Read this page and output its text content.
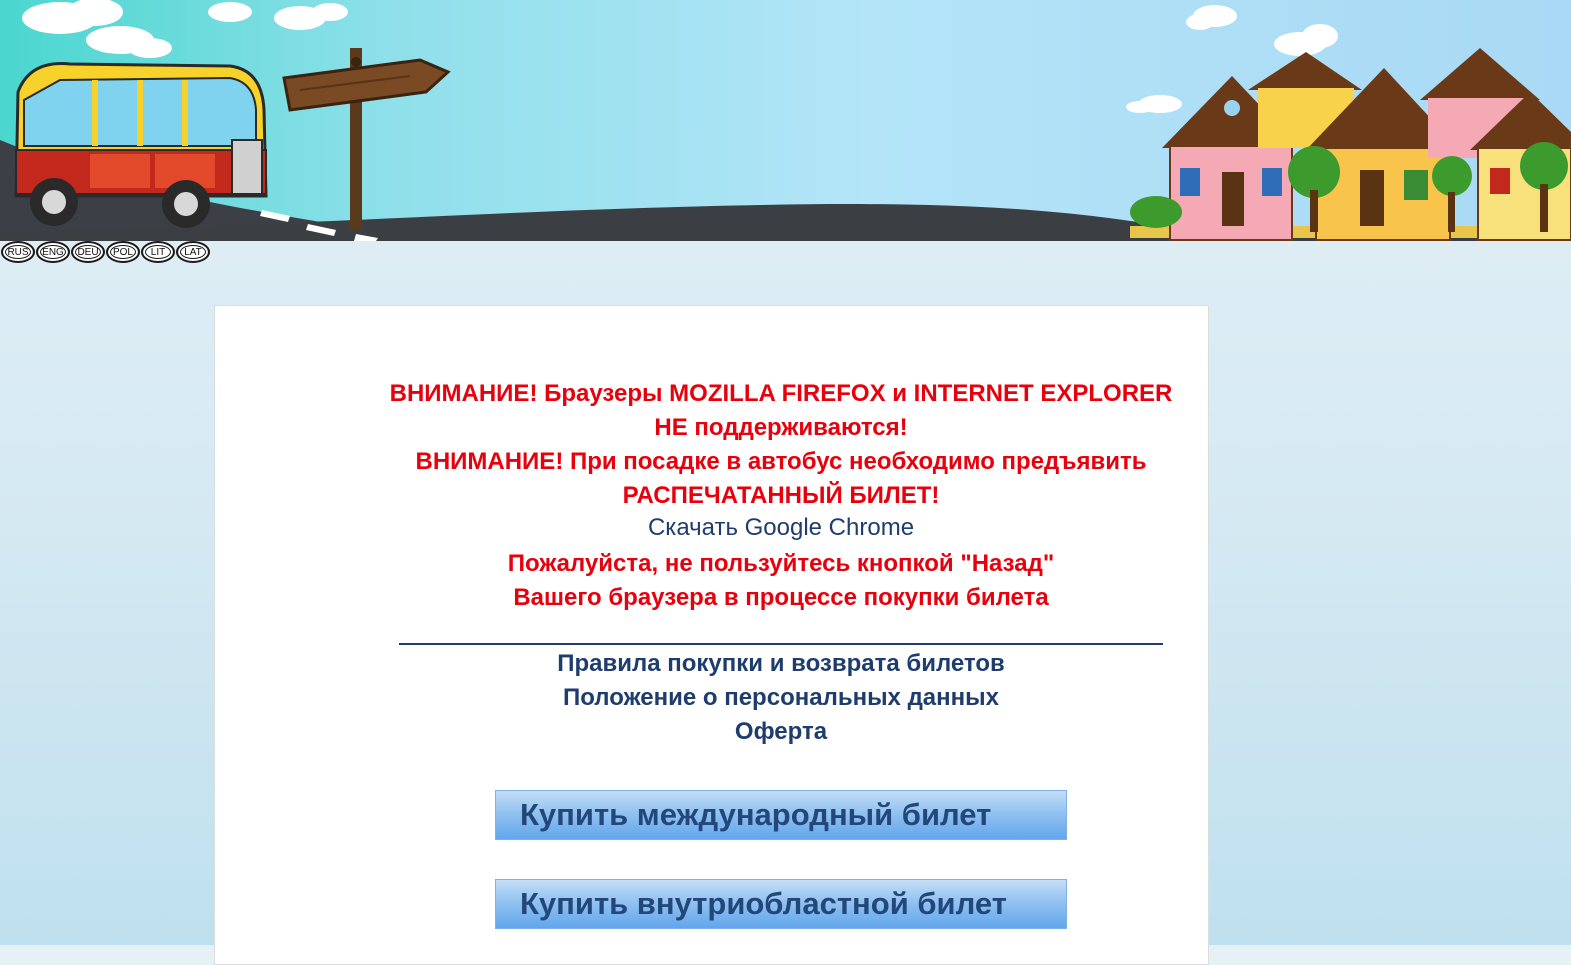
RUS	ENG	DEU	POL	LIT	LAT
ВНИМАНИЕ! Браузеры MOZILLA FIREFOX и INTERNET EXPLORER
НЕ поддерживаются!
ВНИМАНИЕ! При посадке в автобус необходимо предъявить
РАСПЕЧАТАННЫЙ БИЛЕТ!
Скачать Google Chrome
Пожалуйста, не пользуйтесь кнопкой "Назад"
Вашего браузера в процессе покупки билета
Правила покупки и возврата билетов
Положение о персональных данных
Оферта
Купить международный билет
Купить внутриобластной билет
